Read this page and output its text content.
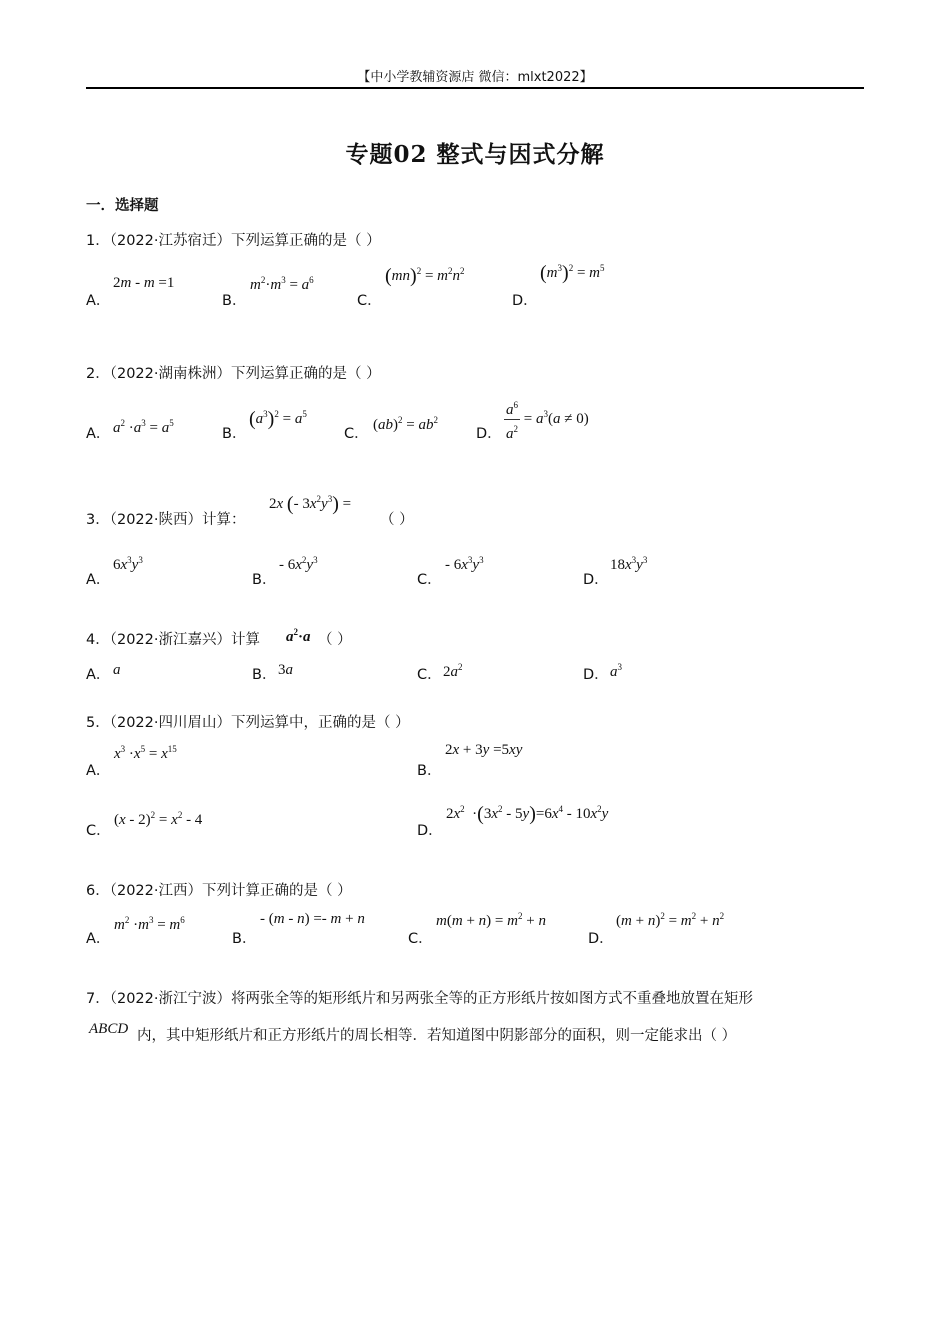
【中小学教辅资源店 微信：mlxt2022】
专题02 整式与因式分解
一．选择题
1．（2022·江苏宿迁）下列运算正确的是（ ）
A．
2m - m =1
B．
$m^2\cdot m^3 = a^6$
C．
$(mn)^2 = m^2n^2$
D．
$(m^3)^2 = m^5$
2．（2022·湖南株洲）下列运算正确的是（ ）
A． $a^2 \cdot a^3 = a^5$
B．
$(a^3)^2 = a^5$
C．
$(ab)^2 = ab^2$
D． $\frac{a^6}{a^2} = a^3(a \ne 0)$
3．（2022·陕西）计算：
2x (- $3x^2y^3$) =
（ ）
A．
$6x^3y^3$
B．
- $6x^2y^3$
C．
- $6x^3y^3$
D．
$18x^3y^3$
4．（2022·浙江嘉兴）计算 $a^2\cdot a$ （ ）
A． a	B． 3a	C． $2a^2$	D． $a^3$
5．（2022·四川眉山）下列运算中，正确的是（ ）
A．
$x^3 \cdot x^5 = x^{15}$
B．
2x + 3y =5xy
C．
$(x - 2)^2 = x^2 - 4$
D．
$2x^2 \cdot(3x^2 - 5y)=6x^4 - 10x^2y$
6．（2022·江西）下列计算正确的是（ ）
A．
$m^2 \cdot m^3 = m^6$
B．
- (m - n) =- m + n
C．
$m(m + n) = m^2 + n$
D．
$(m + n)^2 = m^2 + n^2$
7．（2022·浙江宁波）将两张全等的矩形纸片和另两张全等的正方形纸片按如图方式不重叠地放置在矩形
ABCD 内，其中矩形纸片和正方形纸片的周长相等．若知道图中阴影部分的面积，则一定能求出（ ）
